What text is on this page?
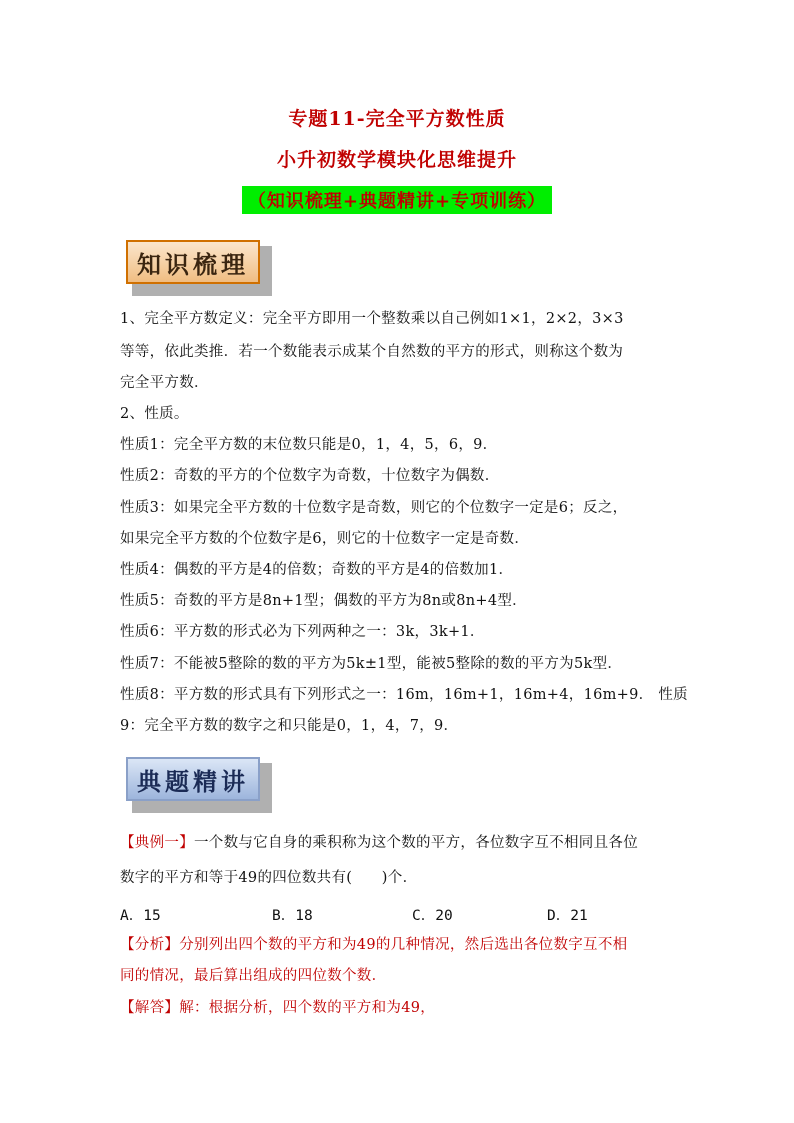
专题11-完全平方数性质
小升初数学模块化思维提升
（知识梳理+典题精讲+专项训练）
知识梳理
1、完全平方数定义：完全平方即用一个整数乘以自己例如1×1，2×2，3×3
等等，依此类推．若一个数能表示成某个自然数的平方的形式，则称这个数为
完全平方数．
2、性质。
性质1：完全平方数的末位数只能是0，1，4，5，6，9．
性质2：奇数的平方的个位数字为奇数，十位数字为偶数．
性质3：如果完全平方数的十位数字是奇数，则它的个位数字一定是6；反之，
如果完全平方数的个位数字是6，则它的十位数字一定是奇数．
性质4：偶数的平方是4的倍数；奇数的平方是4的倍数加1．
性质5：奇数的平方是8n+1型；偶数的平方为8n或8n+4型．
性质6：平方数的形式必为下列两种之一：3k，3k+1．
性质7：不能被5整除的数的平方为5k±1型，能被5整除的数的平方为5k型．
性质8：平方数的形式具有下列形式之一：16m，16m+1，16m+4，16m+9． 性质
9：完全平方数的数字之和只能是0，1，4，7，9．
典题精讲
【典例一】一个数与它自身的乘积称为这个数的平方，各位数字互不相同且各位
数字的平方和等于49的四位数共有(　　)个．
A．15	B．18	C．20	D．21
【分析】分别列出四个数的平方和为49的几种情况，然后选出各位数字互不相
同的情况，最后算出组成的四位数个数．
【解答】解：根据分析，四个数的平方和为49，
